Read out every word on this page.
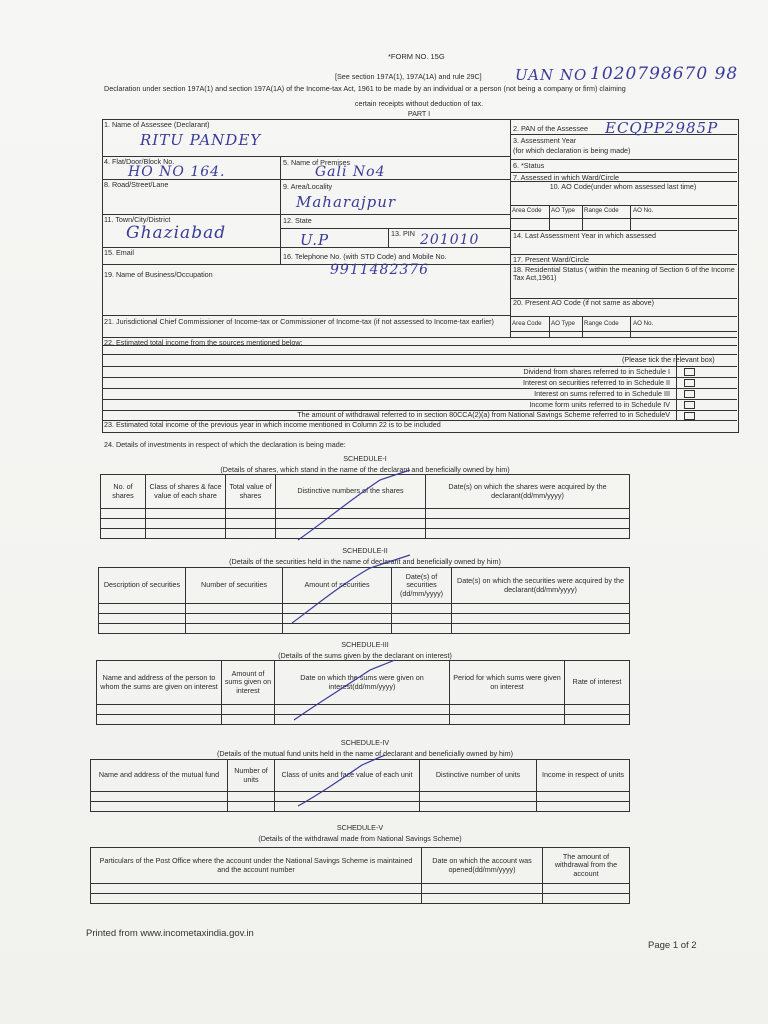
*FORM NO. 15G
[See section 197A(1), 197A(1A) and rule 29C] UAN NO 1020798670 98
Declaration under section 197A(1) and section 197A(1A) of the Income-tax Act, 1961 to be made by an individual or a person (not being a company or firm) claiming
certain receipts without deduction of tax.
PART I
1. Name of Assessee (Declarant)
RITU PANDEY
2. PAN of the Assessee ECQPP2985P
3. Assessment Year
(for which declaration is being made)
4. Flat/Door/Block No.
HO NO 164.
5. Name of Premises
Gali No4	6. *Status
7. Assessed in which Ward/Circle
8. Road/Street/Lane	9. Area/Locality
Maharajpur
10. AO Code(under whom assessed last time)
Area Code AO Type Range Code AO No.
11. Town/City/District
Ghaziabad
12. State
U.P	13. PIN 201010	14. Last Assessment Year in which assessed
15. Email	16. Telephone No. (with STD Code) and Mobile No.
9911482376
17. Present Ward/Circle
19. Name of Business/Occupation
18. Residential Status ( within the meaning of Section 6 of the Income Tax Act,1961)
20. Present AO Code (if not same as above)
Area Code AO Type Range Code AO No.
21. Jurisdictional Chief Commissioner of Income-tax or Commissioner of Income-tax (if not assessed to Income-tax earlier)
22. Estimated total income from the sources mentioned below:
(Please tick the relevant box)
Dividend from shares referred to in Schedule I
Interest on securities referred to in Schedule II
Interest on sums referred to in Schedule III
Income form units referred to in Schedule IV
The amount of withdrawal referred to in section 80CCA(2)(a) from National Savings Scheme referred to in ScheduleV
23. Estimated total income of the previous year in which income mentioned in Column 22 is to be included
24. Details of investments in respect of which the declaration is being made:
SCHEDULE-I
(Details of shares, which stand in the name of the declarant and beneficially owned by him)
No. of shares	Class of shares & face value of each share	Total value of shares	Distinctive numbers of the shares	Date(s) on which the shares were acquired by the declarant(dd/mm/yyyy)

SCHEDULE-II
(Details of the securities held in the name of declarant and beneficially owned by him)
Description of securities	Number of securities	Amount of securities	Date(s) of securities (dd/mm/yyyy)	Date(s) on which the securities were acquired by the declarant(dd/mm/yyyy)

SCHEDULE-III
(Details of the sums given by the declarant on interest)
Name and address of the person to whom the sums are given on interest	Amount of sums given on interest	Date on which the sums were given on interest(dd/mm/yyyy)	Period for which sums were given on interest	Rate of interest

SCHEDULE-IV
(Details of the mutual fund units held in the name of declarant and beneficially owned by him)
Name and address of the mutual fund	Number of units	Class of units and face value of each unit	Distinctive number of units	Income in respect of units

SCHEDULE-V
(Details of the withdrawal made from National Savings Scheme)
Particulars of the Post Office where the account under the National Savings Scheme is maintained and the account number	Date on which the account was opened(dd/mm/yyyy)	The amount of withdrawal from the account

Printed from www.incometaxindia.gov.in
Page 1 of 2
